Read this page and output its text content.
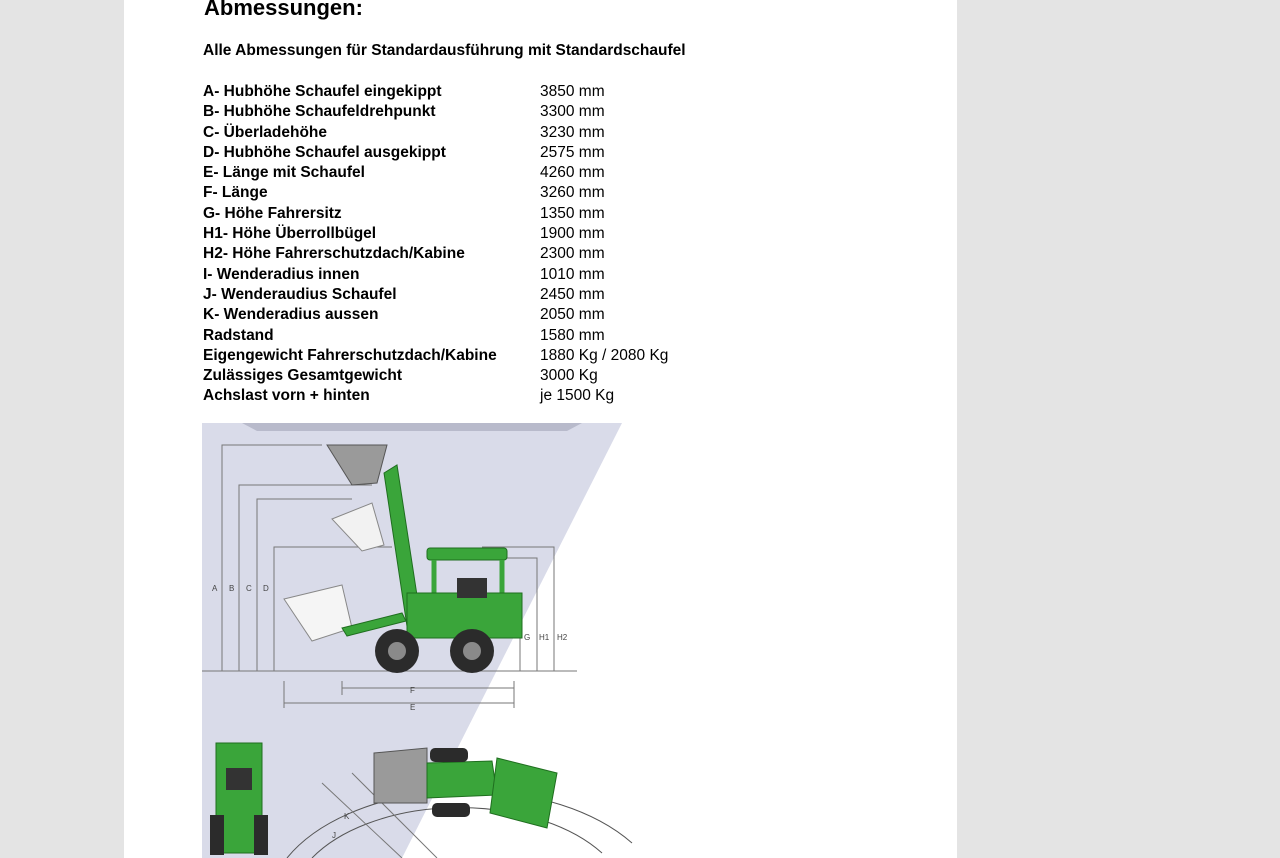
Abmessungen:
Alle Abmessungen für Standardausführung mit Standardschaufel
A- Hubhöhe Schaufel eingekippt	3850 mm
B- Hubhöhe Schaufeldrehpunkt	3300 mm
C- Überladehöhe	3230 mm
D- Hubhöhe Schaufel ausgekippt	2575 mm
E- Länge mit Schaufel	4260 mm
F- Länge	3260 mm
G- Höhe Fahrersitz	1350 mm
H1- Höhe Überrollbügel	1900 mm
H2- Höhe Fahrerschutzdach/Kabine	2300 mm
I- Wenderadius innen	1010 mm
J- Wenderaudius Schaufel	2450 mm
K- Wenderadius aussen	2050 mm
Radstand	1580 mm
Eigengewicht Fahrerschutzdach/Kabine	1880 Kg / 2080 Kg
Zulässiges Gesamtgewicht	3000 Kg
Achslast vorn + hinten	je 1500 Kg
A B C D
G H1 H2
F
E
K
J
